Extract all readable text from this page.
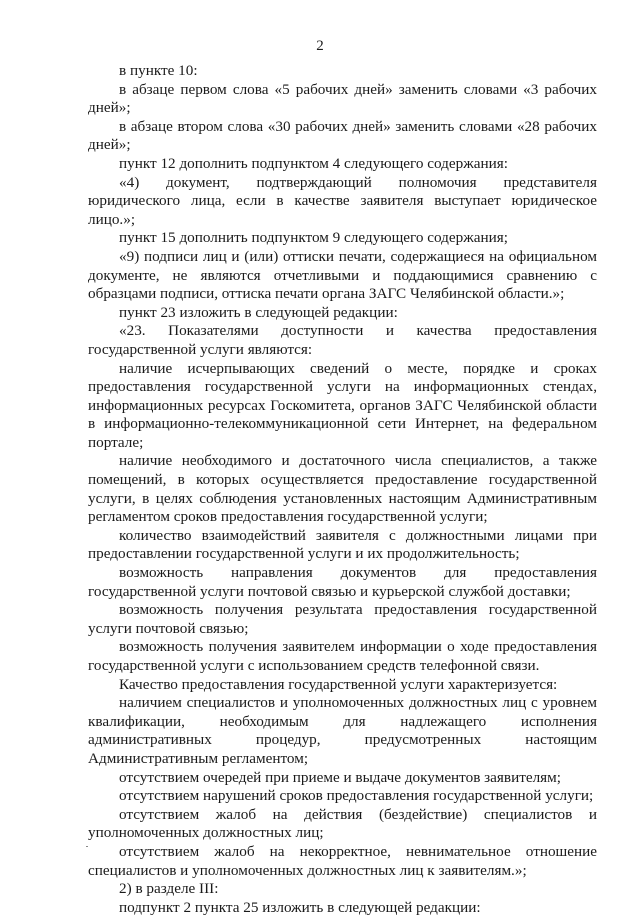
2

в пункте 10:

в абзаце первом слова «5 рабочих дней» заменить словами «3 рабочих дней»;

в абзаце втором слова «30 рабочих дней» заменить словами «28 рабочих дней»;

пункт 12 дополнить подпунктом 4 следующего содержания:

«4) документ, подтверждающий полномочия представителя юридического лица, если в качестве заявителя выступает юридическое лицо.»;

пункт 15 дополнить подпунктом 9 следующего содержания;

«9) подписи лиц и (или) оттиски печати, содержащиеся на официальном документе, не являются отчетливыми и поддающимися сравнению с образцами подписи, оттиска печати органа ЗАГС Челябинской области.»;

пункт 23 изложить в следующей редакции:

«23. Показателями доступности и качества предоставления государственной услуги являются:

наличие исчерпывающих сведений о месте, порядке и сроках предоставления государственной услуги на информационных стендах, информационных ресурсах Госкомитета, органов ЗАГС Челябинской области в информационно-телекоммуникационной сети Интернет, на федеральном портале;

наличие необходимого и достаточного числа специалистов, а также помещений, в которых осуществляется предоставление государственной услуги, в целях соблюдения установленных настоящим Административным регламентом сроков предоставления государственной услуги;

количество взаимодействий заявителя с должностными лицами при предоставлении государственной услуги и их продолжительность;

возможность направления документов для предоставления государственной услуги почтовой связью и курьерской службой доставки;

возможность получения результата предоставления государственной услуги почтовой связью;

возможность получения заявителем информации о ходе предоставления государственной услуги с использованием средств телефонной связи.

Качество предоставления государственной услуги характеризуется:

наличием специалистов и уполномоченных должностных лиц с уровнем квалификации, необходимым для надлежащего исполнения административных процедур, предусмотренных настоящим Административным регламентом;

отсутствием очередей при приеме и выдаче документов заявителям;

отсутствием нарушений сроков предоставления государственной услуги;

отсутствием жалоб на действия (бездействие) специалистов и уполномоченных должностных лиц;

отсутствием жалоб на некорректное, невнимательное отношение специалистов и уполномоченных должностных лиц к заявителям.»;

2) в разделе III:

подпункт 2 пункта 25 изложить в следующей редакции:
